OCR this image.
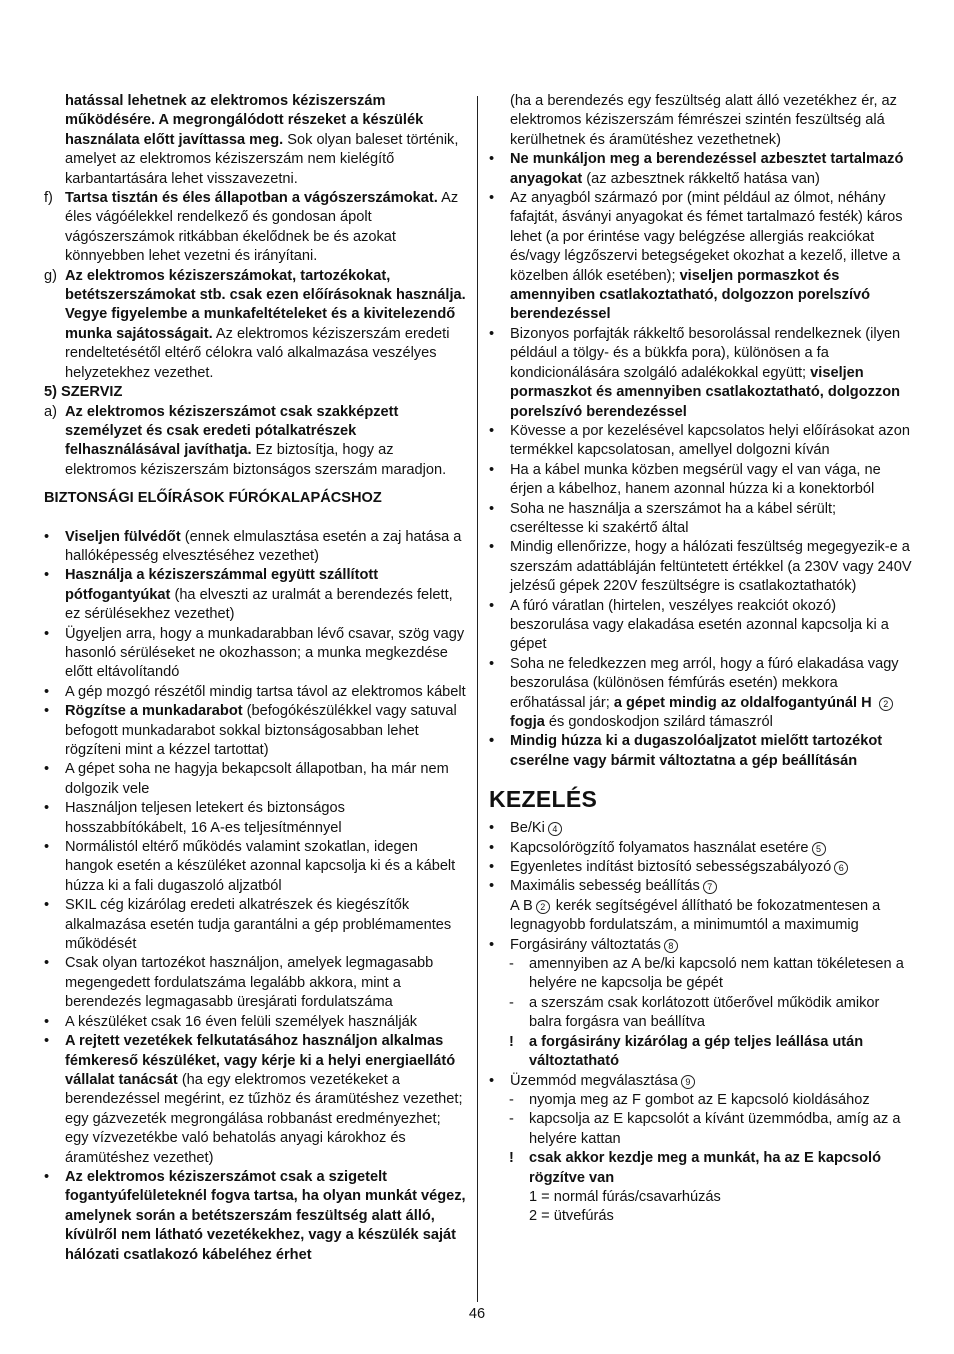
hatással lehetnek az elektromos kéziszerszám működésére. A megrongálódott részeket a készülék használata előtt javíttassa meg. Sok olyan baleset történik, amelyet az elektromos kéziszerszám nem kielégítő karbantartására lehet visszavezetni.
f) Tartsa tisztán és éles állapotban a vágószerszámokat. Az éles vágóélekkel rendelkező és gondosan ápolt vágószerszámok ritkábban ékelődnek be és azokat könnyebben lehet vezetni és irányítani.
g) Az elektromos kéziszerszámokat, tartozékokat, betétszerszámokat stb. csak ezen előírásoknak használja. Vegye figyelembe a munkafeltételeket és a kivitelezendő munka sajátosságait. Az elektromos kéziszerszám eredeti rendeltetésétől eltérő célokra való alkalmazása veszélyes helyzetekhez vezethet.
5) SZERVIZ
a) Az elektromos kéziszerszámot csak szakképzett személyzet és csak eredeti pótalkatrészek felhasználásával javíthatja. Ez biztosítja, hogy az elektromos kéziszerszám biztonságos szerszám maradjon.
BIZTONSÁGI ELŐÍRÁSOK FÚRÓKALAPÁCSHOZ
•	Viseljen fülvédőt (ennek elmulasztása esetén a zaj hatása a hallóképesség elvesztéséhez vezethet)
•	Használja a kéziszerszámmal együtt szállított pótfogantyúkat (ha elveszti az uralmát a berendezés felett, ez sérülésekhez vezethet)
•	Ügyeljen arra, hogy a munkadarabban lévő csavar, szög vagy hasonló sérüléseket ne okozhasson; a munka megkezdése előtt eltávolítandó
•	A gép mozgó részétől mindig tartsa távol az elektromos kábelt
•	Rögzítse a munkadarabot (befogókészülékkel vagy satuval befogott munkadarabot sokkal biztonságosabban lehet rögzíteni mint a kézzel tartottat)
•	A gépet soha ne hagyja bekapcsolt állapotban, ha már nem dolgozik vele
•	Használjon teljesen letekert és biztonságos hosszabbítókábelt, 16 A-es teljesítménnyel
•	Normálistól eltérő működés valamint szokatlan, idegen hangok esetén a készüléket azonnal kapcsolja ki és a kábelt húzza ki a fali dugaszoló aljzatból
•	SKIL cég kizárólag eredeti alkatrészek és kiegészítők alkalmazása esetén tudja garantálni a gép problémamentes működését
•	Csak olyan tartozékot használjon, amelyek legmagasabb megengedett fordulatszáma legalább akkora, mint a berendezés legmagasabb üresjárati fordulatszáma
•	A készüléket csak 16 éven felüli személyek használják
•	A rejtett vezetékek felkutatásához használjon alkalmas fémkereső készüléket, vagy kérje ki a helyi energiaellátó vállalat tanácsát (ha egy elektromos vezetékeket a berendezéssel megérint, ez tűzhöz és áramütéshez vezethet; egy gázvezeték megrongálása robbanást eredményezhet; egy vízvezetékbe való behatolás anyagi károkhoz és áramütéshez vezethet)
•	Az elektromos kéziszerszámot csak a szigetelt fogantyúfelületeknél fogva tartsa, ha olyan munkát végez, amelynek során a betétszerszám feszültség alatt álló, kívülről nem látható vezetékekhez, vagy a készülék saját hálózati csatlakozó kábeléhez érhet
(ha a berendezés egy feszültség alatt álló vezetékhez ér, az elektromos kéziszerszám fémrészei szintén feszültség alá kerülhetnek és áramütéshez vezethetnek)
•	Ne munkáljon meg a berendezéssel azbesztet tartalmazó anyagokat (az azbesztnek rákkeltő hatása van)
•	Az anyagból származó por (mint például az ólmot, néhány fafajtát, ásványi anyagokat és fémet tartalmazó festék) káros lehet (a por érintése vagy belégzése allergiás reakciókat és/vagy légzőszervi betegségeket okozhat a kezelő, illetve a közelben állók esetében); viseljen pormaszkot és amennyiben csatlakoztatható, dolgozzon porelszívó berendezéssel
•	Bizonyos porfajták rákkeltő besorolással rendelkeznek (ilyen például a tölgy- és a bükkfa pora), különösen a fa kondicionálására szolgáló adalékokkal együtt; viseljen pormaszkot és amennyiben csatlakoztatható, dolgozzon porelszívó berendezéssel
•	Kövesse a por kezelésével kapcsolatos helyi előírásokat azon termékkel kapcsolatosan, amellyel dolgozni kíván
•	Ha a kábel munka közben megsérül vagy el van vága, ne érjen a kábelhoz, hanem azonnal húzza ki a konektorból
•	Soha ne használja a szerszámot ha a kábel sérült; cseréltesse ki szakértő által
•	Mindig ellenőrizze, hogy a hálózati feszültség megegyezik-e a szerszám adattábláján feltüntetett értékkel (a 230V vagy 240V jelzésű gépek 220V feszültségre is csatlakoztathatók)
•	A fúró váratlan (hirtelen, veszélyes reakciót okozó) beszorulása vagy elakadása esetén azonnal kapcsolja ki a gépet
•	Soha ne feledkezzen meg arról, hogy a fúró elakadása vagy beszorulása (különösen fémfúrás esetén) mekkora erőhatással jár; a gépet mindig az oldalfogantyúnál H 2 fogja és gondoskodjon szilárd támaszról
•	Mindig húzza ki a dugaszolóaljzatot mielőtt tartozékot cserélne vagy bármit változtatna a gép beállításán
KEZELÉS
•	Be/Ki 4
•	Kapcsolórögzítő folyamatos használat esetére 5
•	Egyenletes indítást biztosító sebességszabályozó 6
•	Maximális sebesség beállítás 7
A B 2 kerék segítségével állítható be fokozatmentesen a legnagyobb fordulatszám, a minimumtól a maximumig
•	Forgásirány változtatás 8
-	amennyiben az A be/ki kapcsoló nem kattan tökéletesen a helyére ne kapcsolja be gépét
-	a szerszám csak korlátozott ütőerővel működik amikor balra forgásra van beállítva
!	a forgásirány kizárólag a gép teljes leállása után változtatható
•	Üzemmód megválasztása 9
-	nyomja meg az F gombot az E kapcsoló kioldásához
-	kapcsolja az E kapcsolót a kívánt üzemmódba, amíg az a helyére kattan
!	csak akkor kezdje meg a munkát, ha az E kapcsoló rögzítve van
1 = normál fúrás/csavarhúzás
2 = ütvefúrás
46
